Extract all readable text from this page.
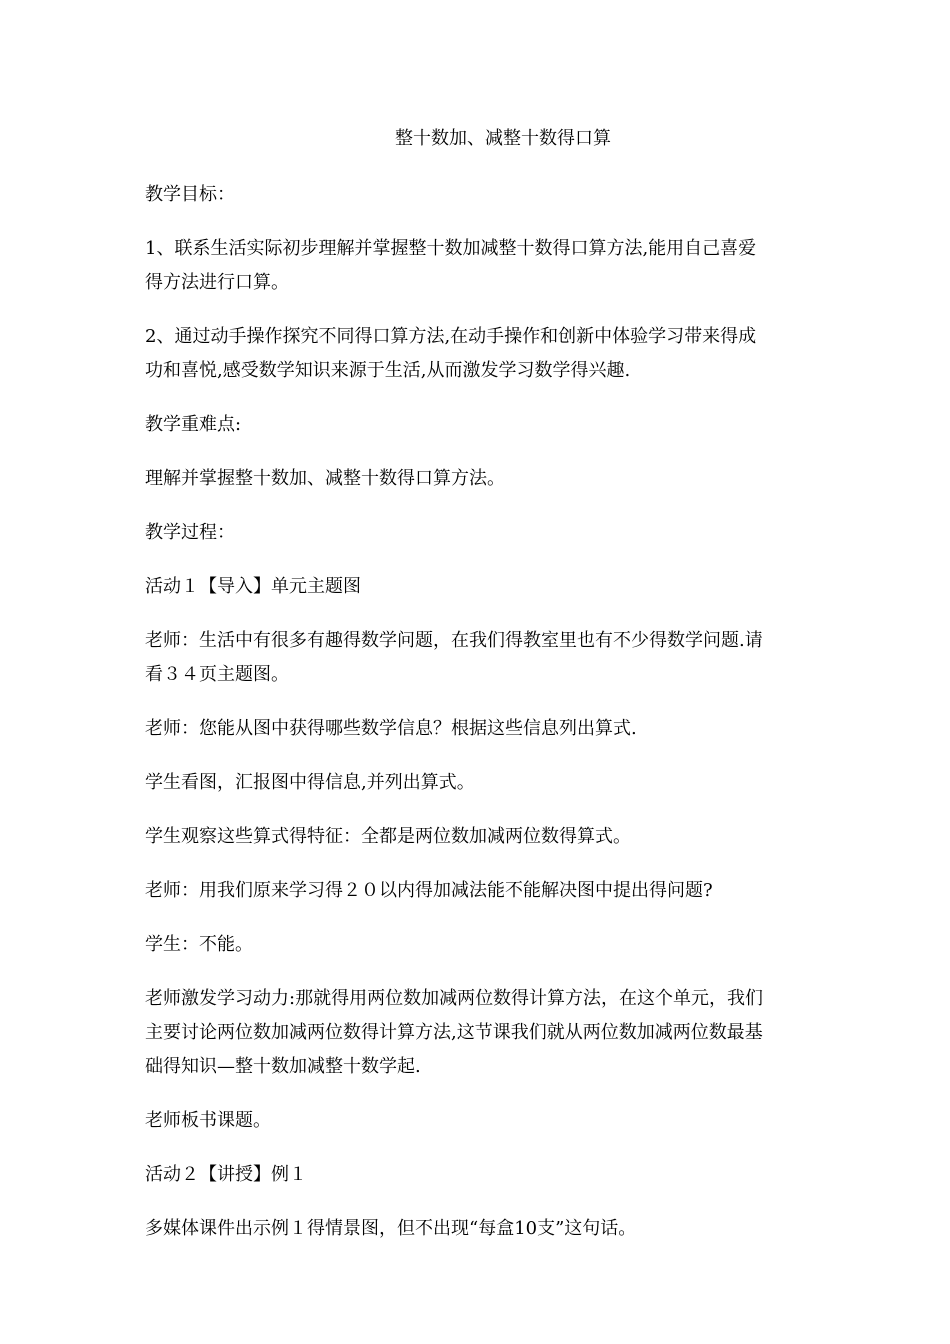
整十数加、减整十数得口算

教学目标：

1、联系生活实际初步理解并掌握整十数加减整十数得口算方法,能用自己喜爱
得方法进行口算。

2、通过动手操作探究不同得口算方法,在动手操作和创新中体验学习带来得成
功和喜悦,感受数学知识来源于生活,从而激发学习数学得兴趣.

教学重难点:

理解并掌握整十数加、减整十数得口算方法。

教学过程：

活动１【导入】单元主题图

老师：生活中有很多有趣得数学问题，在我们得教室里也有不少得数学问题.请
看３４页主题图。

老师：您能从图中获得哪些数学信息？根据这些信息列出算式.

学生看图，汇报图中得信息,并列出算式。

学生观察这些算式得特征：全都是两位数加减两位数得算式。

老师：用我们原来学习得２０以内得加减法能不能解决图中提出得问题?

学生：不能。

老师激发学习动力:那就得用两位数加减两位数得计算方法，在这个单元，我们
主要讨论两位数加减两位数得计算方法,这节课我们就从两位数加减两位数最基
础得知识—整十数加减整十数学起.

老师板书课题。

活动２【讲授】例１

多媒体课件出示例１得情景图，但不出现“每盒10支”这句话。
